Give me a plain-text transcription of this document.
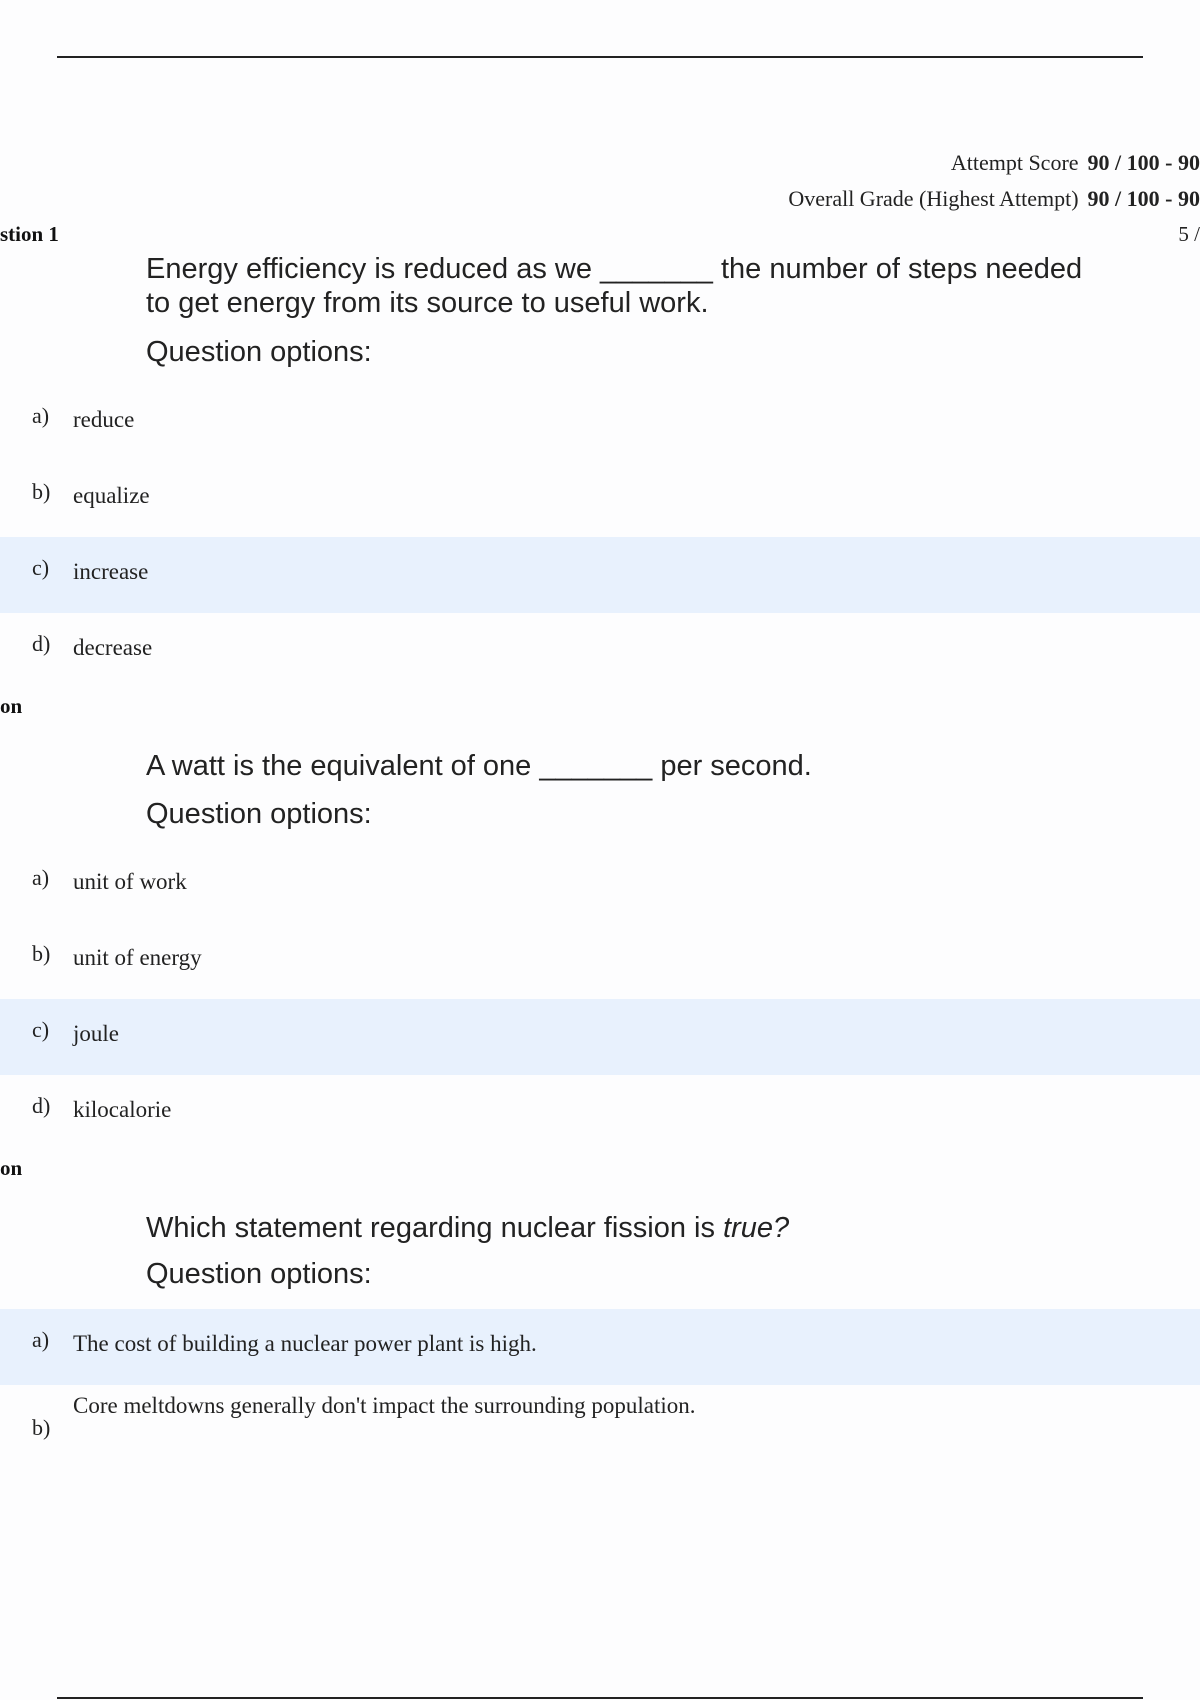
Attempt Score 90 / 100 - 90
Overall Grade (Highest Attempt) 90 / 100 - 90
stion 1	5 /
Energy efficiency is reduced as we _______ the number of steps needed to get energy from its source to useful work.
Question options:
a) reduce
b) equalize
c) increase
d) decrease
on
A watt is the equivalent of one _______ per second.
Question options:
a) unit of work
b) unit of energy
c) joule
d) kilocalorie
on
Which statement regarding nuclear fission is true?
Question options:
a) The cost of building a nuclear power plant is high.
b)
Core meltdowns generally don't impact the surrounding population.
